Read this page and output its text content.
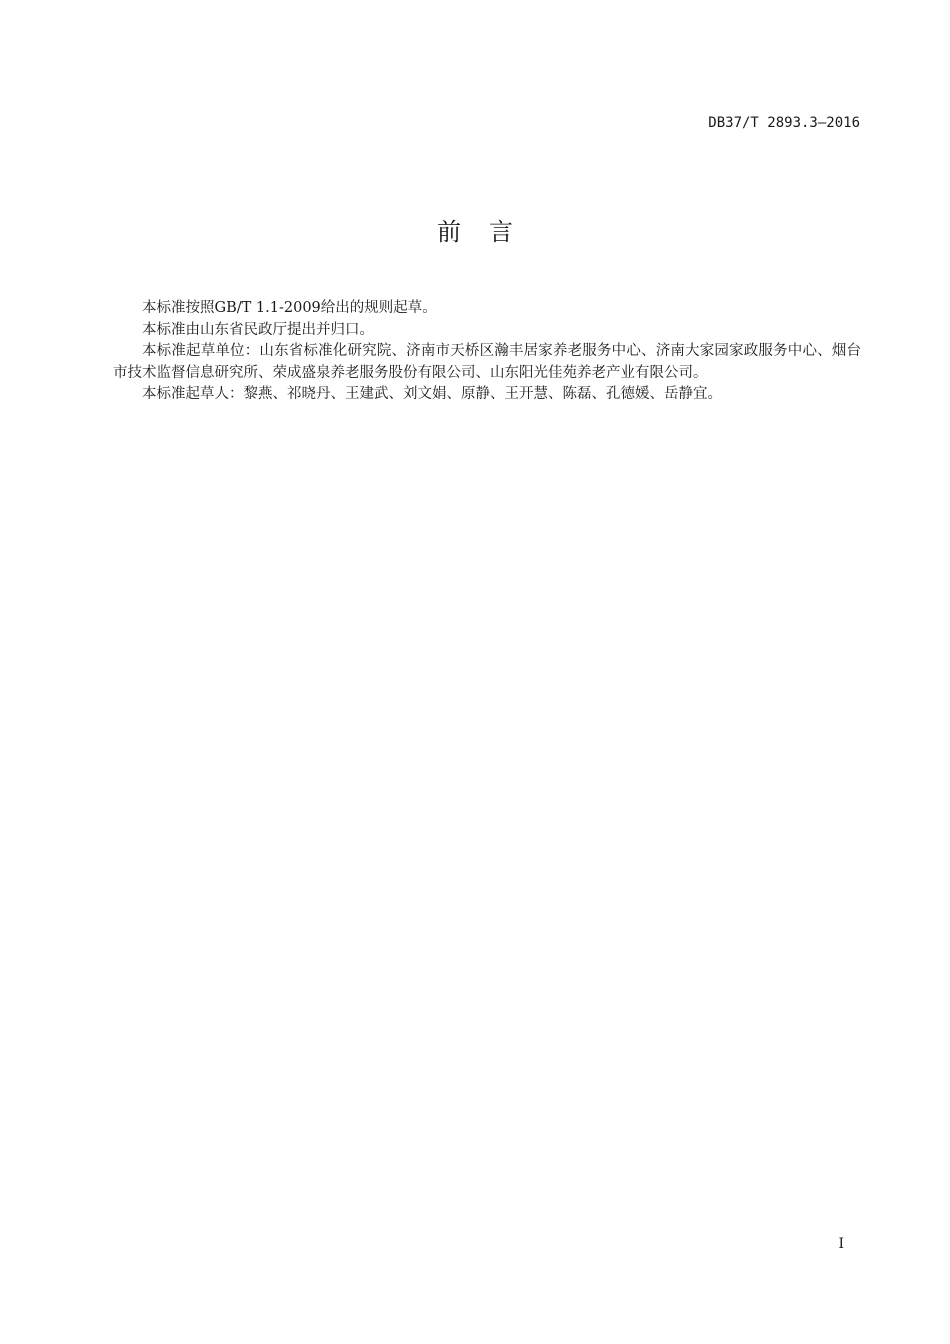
DB37/T 2893.3—2016
前言

本标准按照GB/T 1.1-2009给出的规则起草。

本标准由山东省民政厅提出并归口。

本标准起草单位：山东省标准化研究院、济南市天桥区瀚丰居家养老服务中心、济南大家园家政服务中心、烟台市技术监督信息研究所、荣成盛泉养老服务股份有限公司、山东阳光佳苑养老产业有限公司。

本标准起草人：黎燕、祁晓丹、王建武、刘文娟、原静、王开慧、陈磊、孔德媛、岳静宜。

I
